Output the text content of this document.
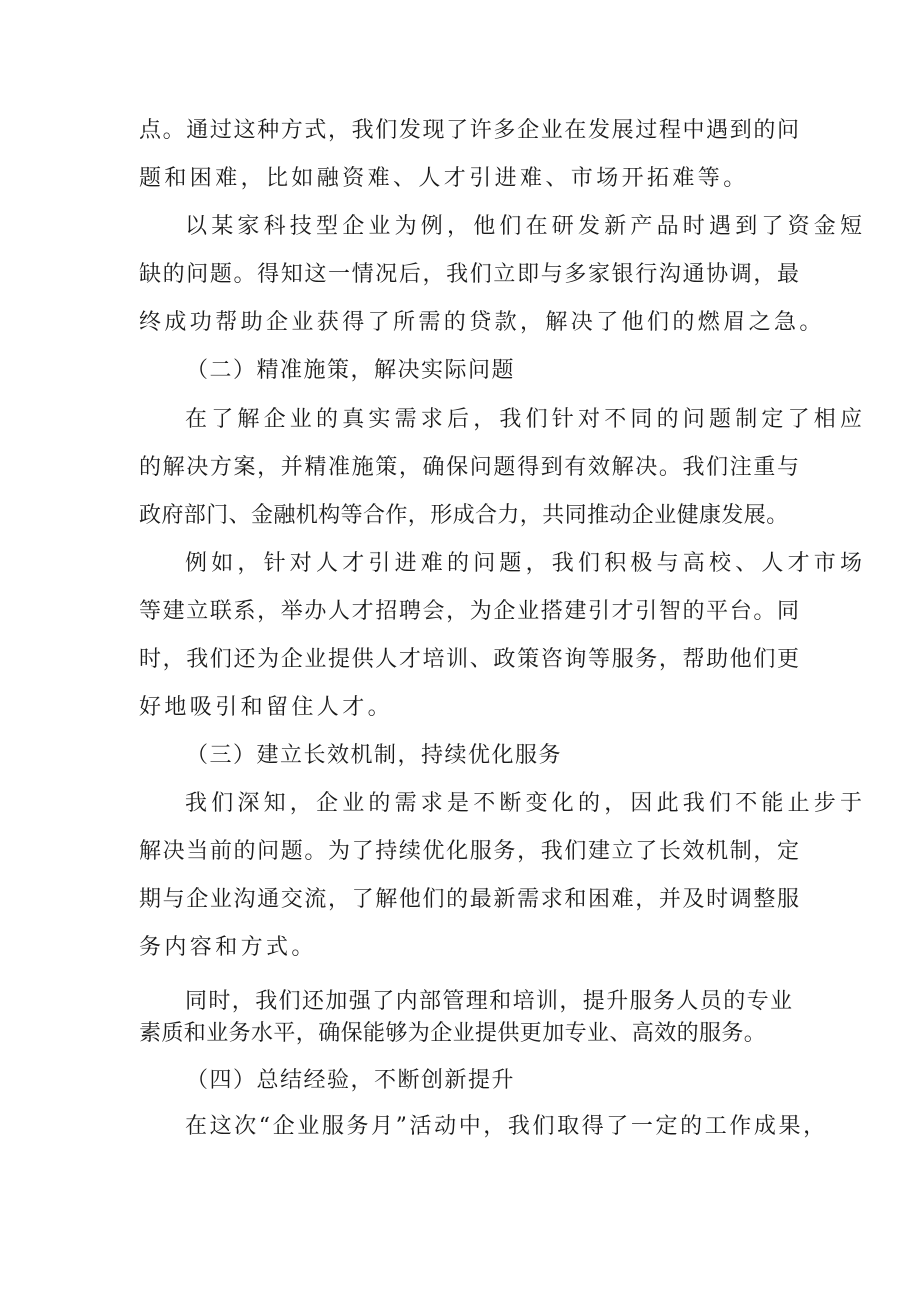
点。通过这种方式，我们发现了许多企业在发展过程中遇到的问
题和困难，比如融资难、人才引进难、市场开拓难等。
以某家科技型企业为例，他们在研发新产品时遇到了资金短
缺的问题。得知这一情况后，我们立即与多家银行沟通协调，最
终成功帮助企业获得了所需的贷款，解决了他们的燃眉之急。
（二）精准施策，解决实际问题
在了解企业的真实需求后，我们针对不同的问题制定了相应
的解决方案，并精准施策，确保问题得到有效解决。我们注重与
政府部门、金融机构等合作，形成合力，共同推动企业健康发展。
例如，针对人才引进难的问题，我们积极与高校、人才市场
等建立联系，举办人才招聘会，为企业搭建引才引智的平台。同
时，我们还为企业提供人才培训、政策咨询等服务，帮助他们更
好地吸引和留住人才。
（三）建立长效机制，持续优化服务
我们深知，企业的需求是不断变化的，因此我们不能止步于
解决当前的问题。为了持续优化服务，我们建立了长效机制，定
期与企业沟通交流，了解他们的最新需求和困难，并及时调整服
务内容和方式。
同时，我们还加强了内部管理和培训，提升服务人员的专业
素质和业务水平，确保能够为企业提供更加专业、高效的服务。
（四）总结经验，不断创新提升
在这次“企业服务月”活动中，我们取得了一定的工作成果，
